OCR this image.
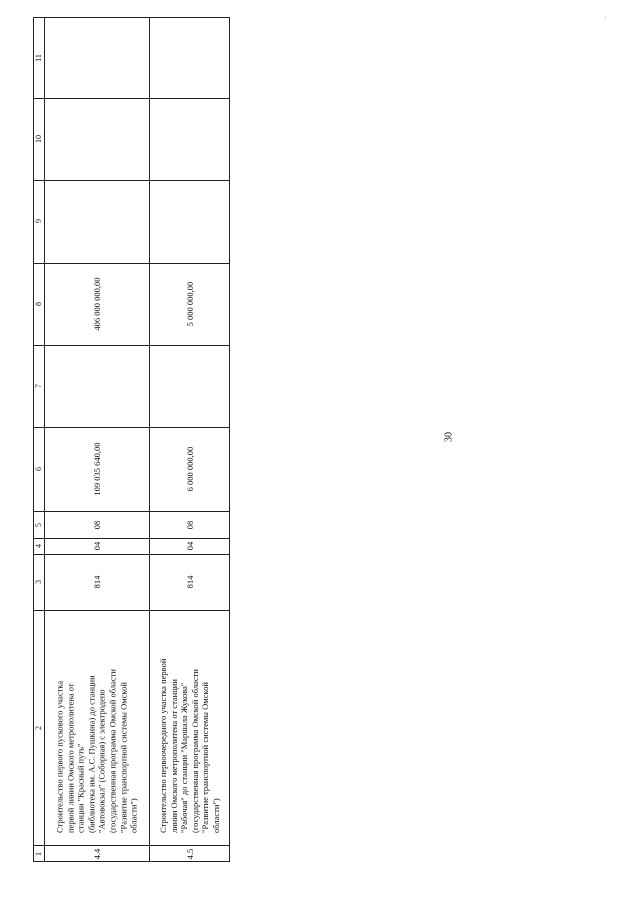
30
·
11
10
9
8
7
6
5
4
3
2
1	4.4
Строительство первого пускового участка первой линии Омского метрополитена от станции "Красный путь" (библиотека им. А.С. Пушкина) до станции "Автовокзал" (Соборная) с электродепо (государственная программа Омской области "Развитие транспортной системы Омской области")
814
04
08
109 035 640,00
406 000 000,00
4.5
Строительство первоочередного участка первой линии Омского метрополитена от станции "Рабочая" до станции "Маршала Жукова" (государственная программа Омской области "Развитие транспортной системы Омской области")
814
04
08
6 000 000,00
5 000 000,00
